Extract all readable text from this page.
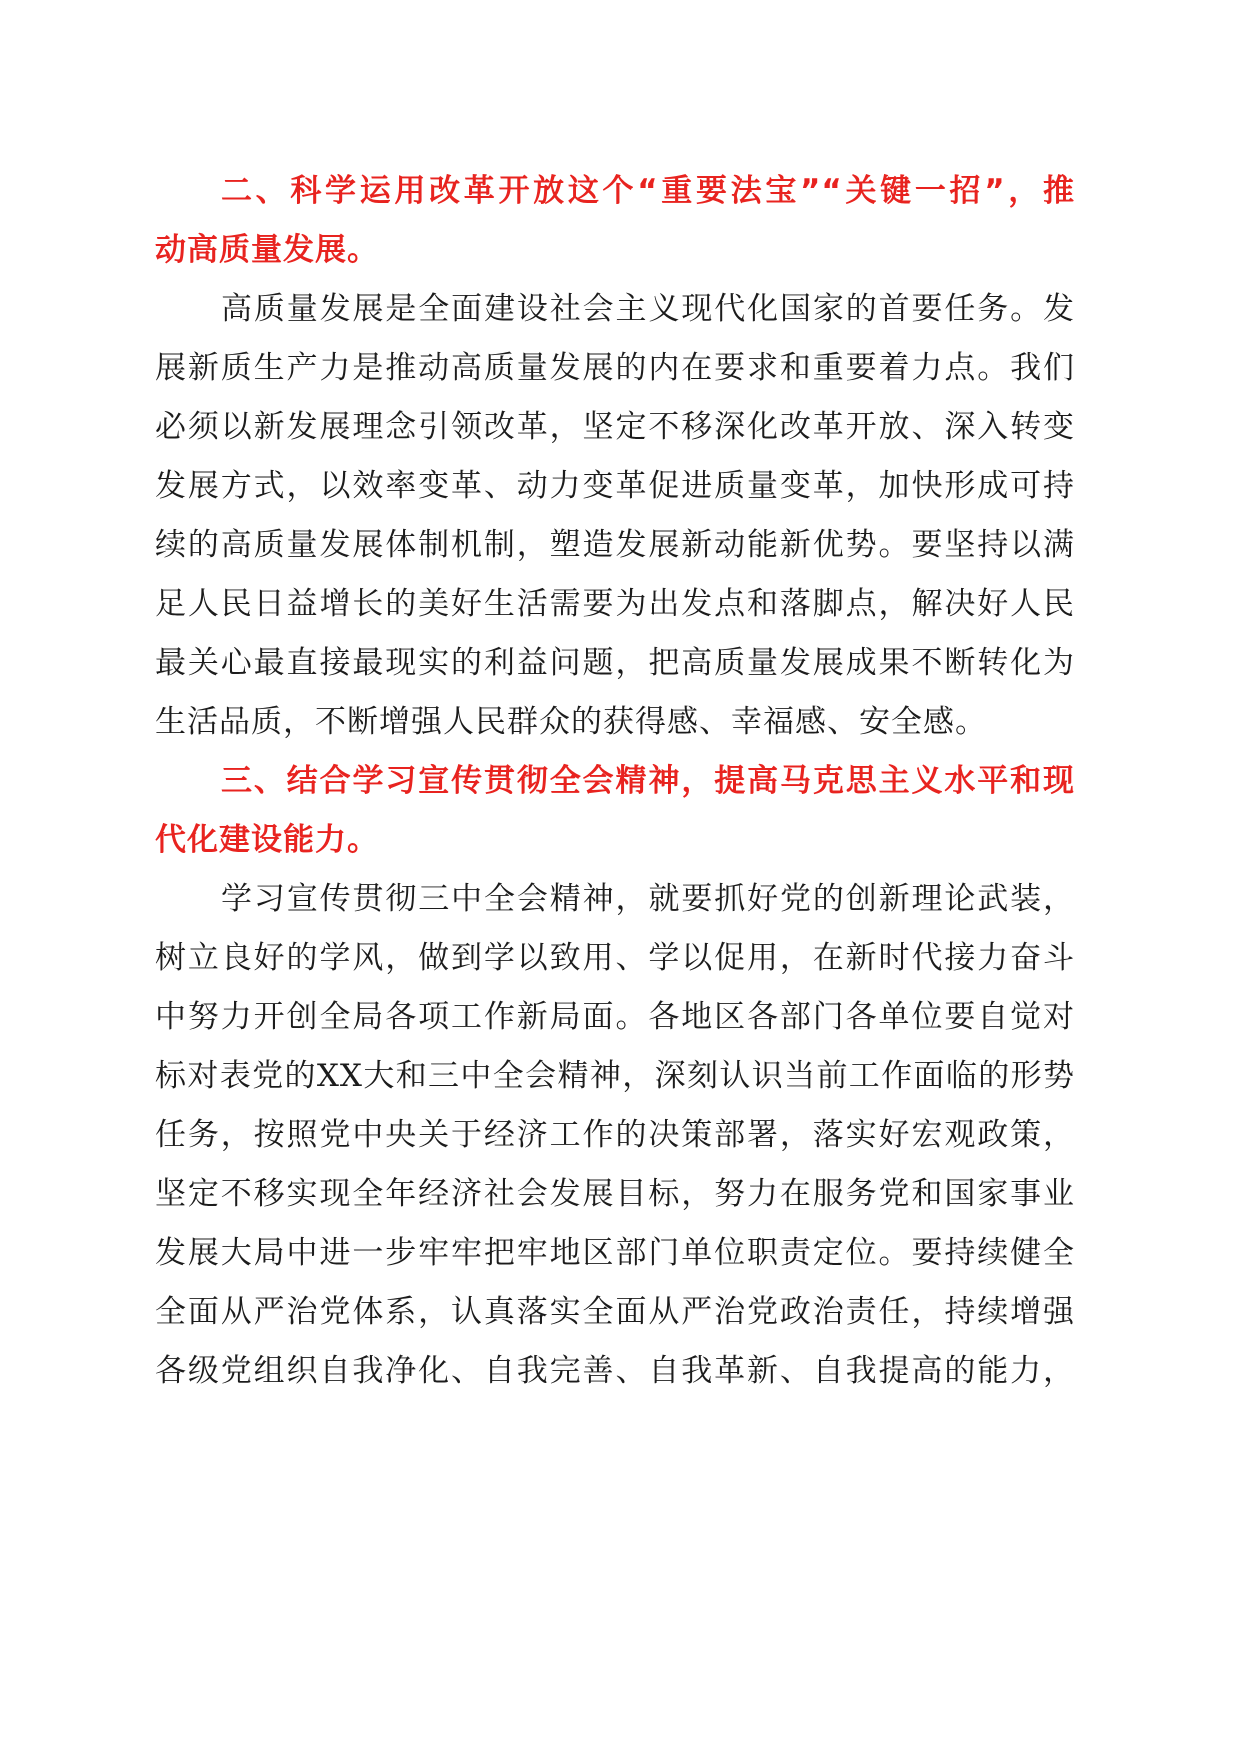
二、科学运用改革开放这个“重要法宝”“关键一招”，推
动高质量发展。
高质量发展是全面建设社会主义现代化国家的首要任务。发
展新质生产力是推动高质量发展的内在要求和重要着力点。我们
必须以新发展理念引领改革，坚定不移深化改革开放、深入转变
发展方式，以效率变革、动力变革促进质量变革，加快形成可持
续的高质量发展体制机制，塑造发展新动能新优势。要坚持以满
足人民日益增长的美好生活需要为出发点和落脚点，解决好人民
最关心最直接最现实的利益问题，把高质量发展成果不断转化为
生活品质，不断增强人民群众的获得感、幸福感、安全感。
三、结合学习宣传贯彻全会精神，提高马克思主义水平和现
代化建设能力。
学习宣传贯彻三中全会精神，就要抓好党的创新理论武装，
树立良好的学风，做到学以致用、学以促用，在新时代接力奋斗
中努力开创全局各项工作新局面。各地区各部门各单位要自觉对
标对表党的XX大和三中全会精神，深刻认识当前工作面临的形势
任务，按照党中央关于经济工作的决策部署，落实好宏观政策，
坚定不移实现全年经济社会发展目标，努力在服务党和国家事业
发展大局中进一步牢牢把牢地区部门单位职责定位。要持续健全
全面从严治党体系，认真落实全面从严治党政治责任，持续增强
各级党组织自我净化、自我完善、自我革新、自我提高的能力，
